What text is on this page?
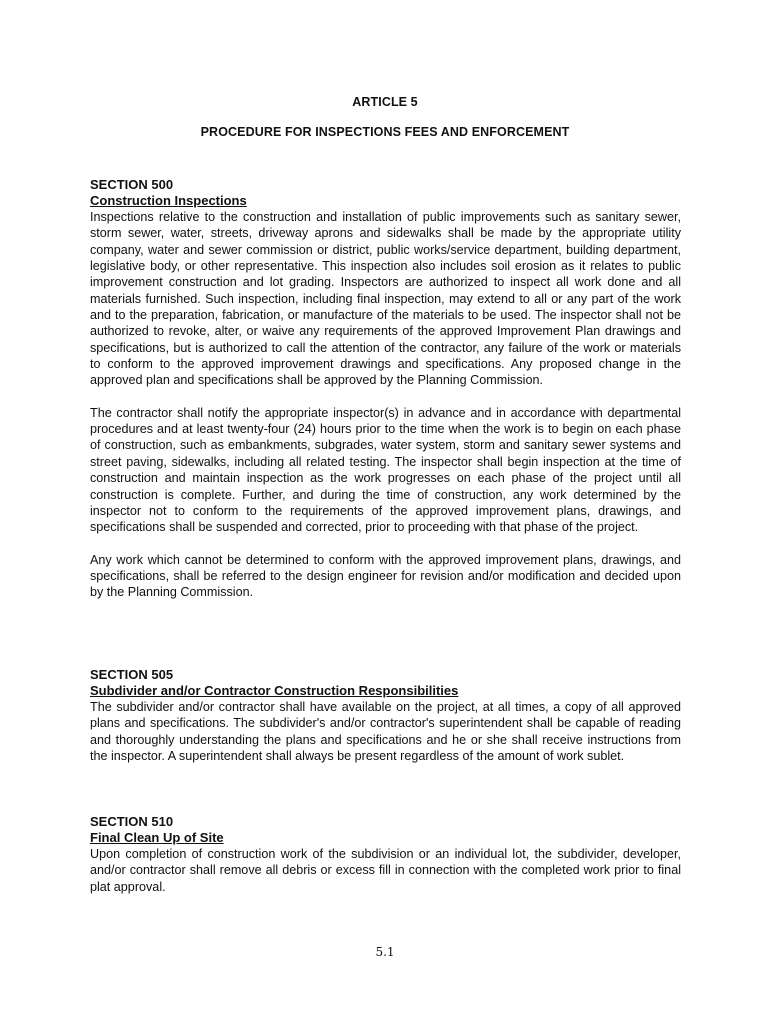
ARTICLE 5
PROCEDURE FOR INSPECTIONS FEES AND ENFORCEMENT

SECTION 500

Construction Inspections

Inspections relative to the construction and installation of public improvements such as sanitary sewer, storm sewer, water, streets, driveway aprons and sidewalks shall be made by the appropriate utility company, water and sewer commission or district, public works/service department, building department, legislative body, or other representative. This inspection also includes soil erosion as it relates to public improvement construction and lot grading. Inspectors are authorized to inspect all work done and all materials furnished. Such inspection, including final inspection, may extend to all or any part of the work and to the preparation, fabrication, or manufacture of the materials to be used. The inspector shall not be authorized to revoke, alter, or waive any requirements of the approved Improvement Plan drawings and specifications, but is authorized to call the attention of the contractor, any failure of the work or materials to conform to the approved improvement drawings and specifications. Any proposed change in the approved plan and specifications shall be approved by the Planning Commission.

The contractor shall notify the appropriate inspector(s) in advance and in accordance with departmental procedures and at least twenty-four (24) hours prior to the time when the work is to begin on each phase of construction, such as embankments, subgrades, water system, storm and sanitary sewer systems and street paving, sidewalks, including all related testing. The inspector shall begin inspection at the time of construction and maintain inspection as the work progresses on each phase of the project until all construction is complete. Further, and during the time of construction, any work determined by the inspector not to conform to the requirements of the approved improvement plans, drawings, and specifications shall be suspended and corrected, prior to proceeding with that phase of the project.

Any work which cannot be determined to conform with the approved improvement plans, drawings, and specifications, shall be referred to the design engineer for revision and/or modification and decided upon by the Planning Commission.

SECTION 505

Subdivider and/or Contractor Construction Responsibilities

The subdivider and/or contractor shall have available on the project, at all times, a copy of all approved plans and specifications. The subdivider's and/or contractor's superintendent shall be capable of reading and thoroughly understanding the plans and specifications and he or she shall receive instructions from the inspector. A superintendent shall always be present regardless of the amount of work sublet.

SECTION 510

Final Clean Up of Site

Upon completion of construction work of the subdivision or an individual lot, the subdivider, developer, and/or contractor shall remove all debris or excess fill in connection with the completed work prior to final plat approval.

5.1
